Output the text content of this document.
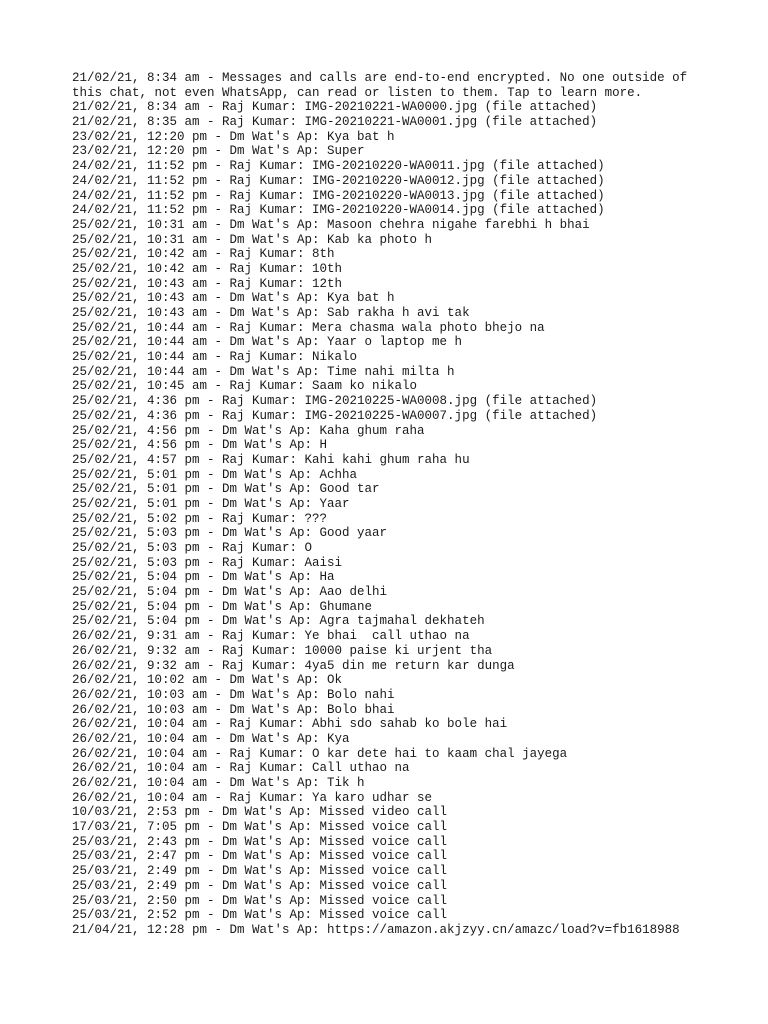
21/02/21, 8:34 am - Messages and calls are end-to-end encrypted. No one outside of
this chat, not even WhatsApp, can read or listen to them. Tap to learn more.
21/02/21, 8:34 am - Raj Kumar: IMG-20210221-WA0000.jpg (file attached)
21/02/21, 8:35 am - Raj Kumar: IMG-20210221-WA0001.jpg (file attached)
23/02/21, 12:20 pm - Dm Wat's Ap: Kya bat h
23/02/21, 12:20 pm - Dm Wat's Ap: Super
24/02/21, 11:52 pm - Raj Kumar: IMG-20210220-WA0011.jpg (file attached)
24/02/21, 11:52 pm - Raj Kumar: IMG-20210220-WA0012.jpg (file attached)
24/02/21, 11:52 pm - Raj Kumar: IMG-20210220-WA0013.jpg (file attached)
24/02/21, 11:52 pm - Raj Kumar: IMG-20210220-WA0014.jpg (file attached)
25/02/21, 10:31 am - Dm Wat's Ap: Masoon chehra nigahe farebhi h bhai
25/02/21, 10:31 am - Dm Wat's Ap: Kab ka photo h
25/02/21, 10:42 am - Raj Kumar: 8th
25/02/21, 10:42 am - Raj Kumar: 10th
25/02/21, 10:43 am - Raj Kumar: 12th
25/02/21, 10:43 am - Dm Wat's Ap: Kya bat h
25/02/21, 10:43 am - Dm Wat's Ap: Sab rakha h avi tak
25/02/21, 10:44 am - Raj Kumar: Mera chasma wala photo bhejo na
25/02/21, 10:44 am - Dm Wat's Ap: Yaar o laptop me h
25/02/21, 10:44 am - Raj Kumar: Nikalo
25/02/21, 10:44 am - Dm Wat's Ap: Time nahi milta h
25/02/21, 10:45 am - Raj Kumar: Saam ko nikalo
25/02/21, 4:36 pm - Raj Kumar: IMG-20210225-WA0008.jpg (file attached)
25/02/21, 4:36 pm - Raj Kumar: IMG-20210225-WA0007.jpg (file attached)
25/02/21, 4:56 pm - Dm Wat's Ap: Kaha ghum raha
25/02/21, 4:56 pm - Dm Wat's Ap: H
25/02/21, 4:57 pm - Raj Kumar: Kahi kahi ghum raha hu
25/02/21, 5:01 pm - Dm Wat's Ap: Achha
25/02/21, 5:01 pm - Dm Wat's Ap: Good tar
25/02/21, 5:01 pm - Dm Wat's Ap: Yaar
25/02/21, 5:02 pm - Raj Kumar: ???
25/02/21, 5:03 pm - Dm Wat's Ap: Good yaar
25/02/21, 5:03 pm - Raj Kumar: O
25/02/21, 5:03 pm - Raj Kumar: Aaisi
25/02/21, 5:04 pm - Dm Wat's Ap: Ha
25/02/21, 5:04 pm - Dm Wat's Ap: Aao delhi
25/02/21, 5:04 pm - Dm Wat's Ap: Ghumane
25/02/21, 5:04 pm - Dm Wat's Ap: Agra tajmahal dekhateh
26/02/21, 9:31 am - Raj Kumar: Ye bhai  call uthao na
26/02/21, 9:32 am - Raj Kumar: 10000 paise ki urjent tha
26/02/21, 9:32 am - Raj Kumar: 4ya5 din me return kar dunga
26/02/21, 10:02 am - Dm Wat's Ap: Ok
26/02/21, 10:03 am - Dm Wat's Ap: Bolo nahi
26/02/21, 10:03 am - Dm Wat's Ap: Bolo bhai
26/02/21, 10:04 am - Raj Kumar: Abhi sdo sahab ko bole hai
26/02/21, 10:04 am - Dm Wat's Ap: Kya
26/02/21, 10:04 am - Raj Kumar: O kar dete hai to kaam chal jayega
26/02/21, 10:04 am - Raj Kumar: Call uthao na
26/02/21, 10:04 am - Dm Wat's Ap: Tik h
26/02/21, 10:04 am - Raj Kumar: Ya karo udhar se
10/03/21, 2:53 pm - Dm Wat's Ap: Missed video call
17/03/21, 7:05 pm - Dm Wat's Ap: Missed voice call
25/03/21, 2:43 pm - Dm Wat's Ap: Missed voice call
25/03/21, 2:47 pm - Dm Wat's Ap: Missed voice call
25/03/21, 2:49 pm - Dm Wat's Ap: Missed voice call
25/03/21, 2:49 pm - Dm Wat's Ap: Missed voice call
25/03/21, 2:50 pm - Dm Wat's Ap: Missed voice call
25/03/21, 2:52 pm - Dm Wat's Ap: Missed voice call
21/04/21, 12:28 pm - Dm Wat's Ap: https://amazon.akjzyy.cn/amazc/load?v=fb1618988
